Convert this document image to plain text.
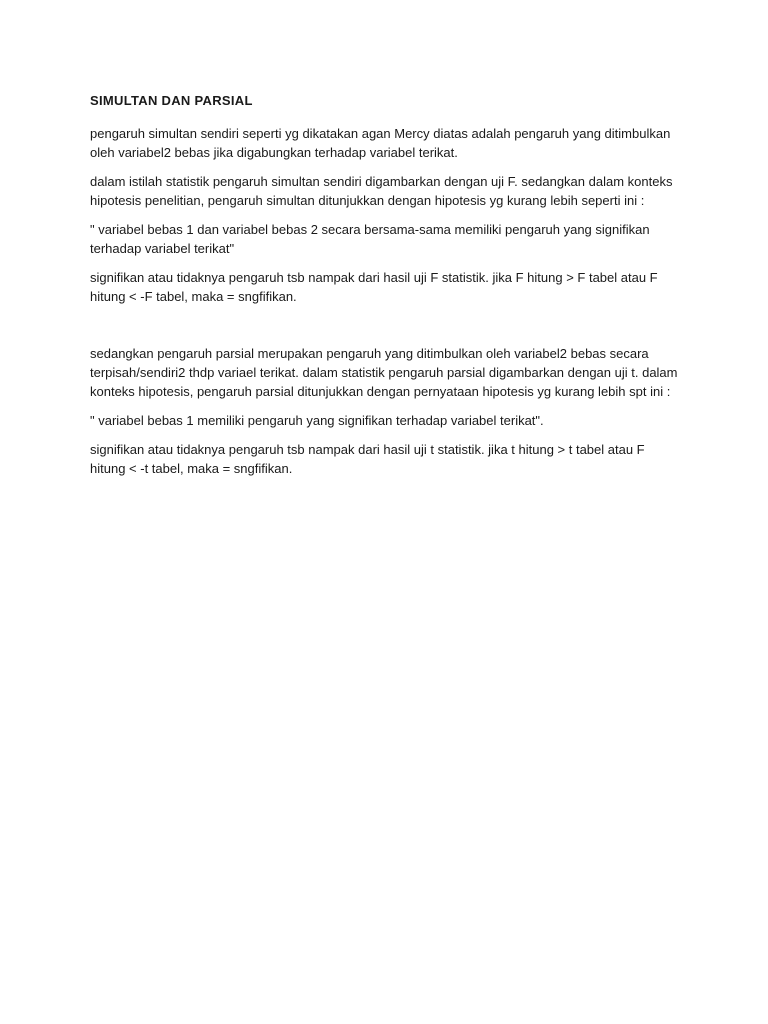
SIMULTAN DAN PARSIAL

pengaruh simultan sendiri seperti yg dikatakan agan Mercy diatas adalah pengaruh yang ditimbulkan oleh variabel2 bebas jika digabungkan terhadap variabel terikat.

dalam istilah statistik pengaruh simultan sendiri digambarkan dengan uji F. sedangkan dalam konteks hipotesis penelitian, pengaruh simultan ditunjukkan dengan hipotesis yg kurang lebih seperti ini :

" variabel bebas 1 dan variabel bebas 2 secara bersama-sama memiliki pengaruh yang signifikan terhadap variabel terikat"

signifikan atau tidaknya pengaruh tsb nampak dari hasil uji F statistik. jika F hitung > F tabel atau F hitung < -F tabel, maka = sngfifikan.

sedangkan pengaruh parsial merupakan pengaruh yang ditimbulkan oleh variabel2 bebas secara terpisah/sendiri2 thdp variael terikat. dalam statistik pengaruh parsial digambarkan dengan uji t. dalam konteks hipotesis, pengaruh parsial ditunjukkan dengan pernyataan hipotesis yg kurang lebih spt ini :

" variabel bebas 1 memiliki pengaruh yang signifikan terhadap variabel terikat".

signifikan atau tidaknya pengaruh tsb nampak dari hasil uji t statistik. jika t hitung > t tabel atau F hitung < -t tabel, maka = sngfifikan.
